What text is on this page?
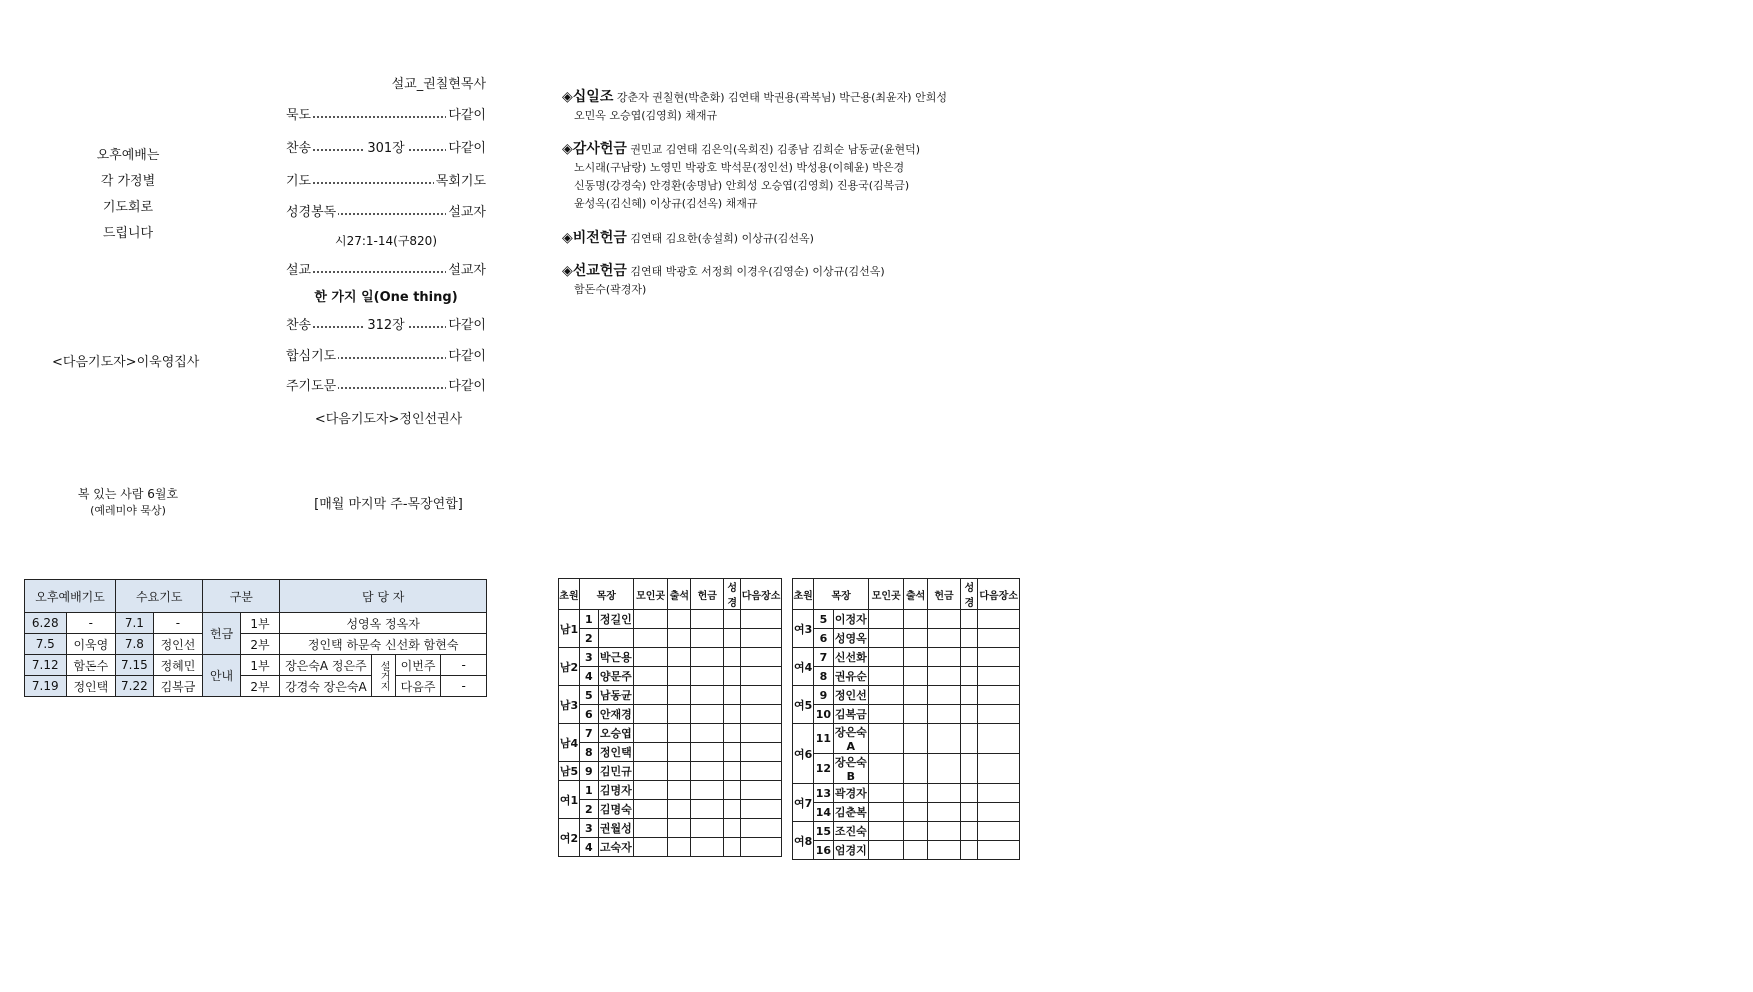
오후예배는
각 가정별
기도회로
드립니다
<다음기도자>이욱영집사
복 있는 사람 6월호
(예레미야 묵상)
설교_권칠현목사
묵도	다같이
찬송	301장	다같이
기도	목회기도
성경봉독	설교자
시27:1-14(구820)
설교	설교자
한 가지 일(One thing)
찬송	312장	다같이
합심기도	다같이
주기도문	다같이
<다음기도자>정인선권사
[매월 마지막 주-목장연합]
◈십일조 강춘자 권칠현(박춘화) 김연태 박권용(곽복님) 박근용(최윤자) 안희성
오민옥 오승엽(김영희) 채재규
◈감사헌금 권민교 김연태 김은익(옥희진) 김종남 김희순 남동균(윤현덕)
노시래(구남랑) 노영민 박광호 박석문(정인선) 박성용(이혜윤) 박은경
신동명(강경숙) 안경환(송명남) 안희성 오승엽(김영희) 진용국(김복금)
윤성옥(김신혜) 이상규(김선옥) 채재규
◈비전헌금 김연태 김요한(송설희) 이상규(김선옥)
◈선교헌금 김연태 박광호 서정희 이경우(김영순) 이상규(김선옥)
함돈수(곽경자)
오후예배기도		수요기도		구분		담 당 자			
6.28	-	7.1	-	헌금	1부	성영옥 정옥자			
7.5	이욱영	7.8	정인선		2부	정인택 하문숙 신선화 함현숙			
7.12	함돈수	7.15	정혜민	안내	1부	장은숙A 정은주	설거지	이번주	-
7.19	정인택	7.22	김복금		2부	강경숙 장은숙A		다음주	-
초원	목장		모인곳	출석	헌금	성경	다음장소
남1	1	정길인					
	2						
남2	3	박근용					
	4	양문주					
남3	5	남동균					
	6	안재경					
남4	7	오승엽					
	8	정인택					
남5	9	김민규					
여1	1	김명자					
	2	김명숙					
여2	3	권월성					
	4	고숙자					
초원	목장		모인곳	출석	헌금	성경	다음장소
여3	5	이정자					
	6	성영옥					
여4	7	신선화					
	8	권유순					
여5	9	정인선					
	10	김복금					
여6	11	장은숙A					
	12	장은숙B					
여7	13	곽경자					
	14	김춘복					
여8	15	조진숙					
	16	엄경지					
